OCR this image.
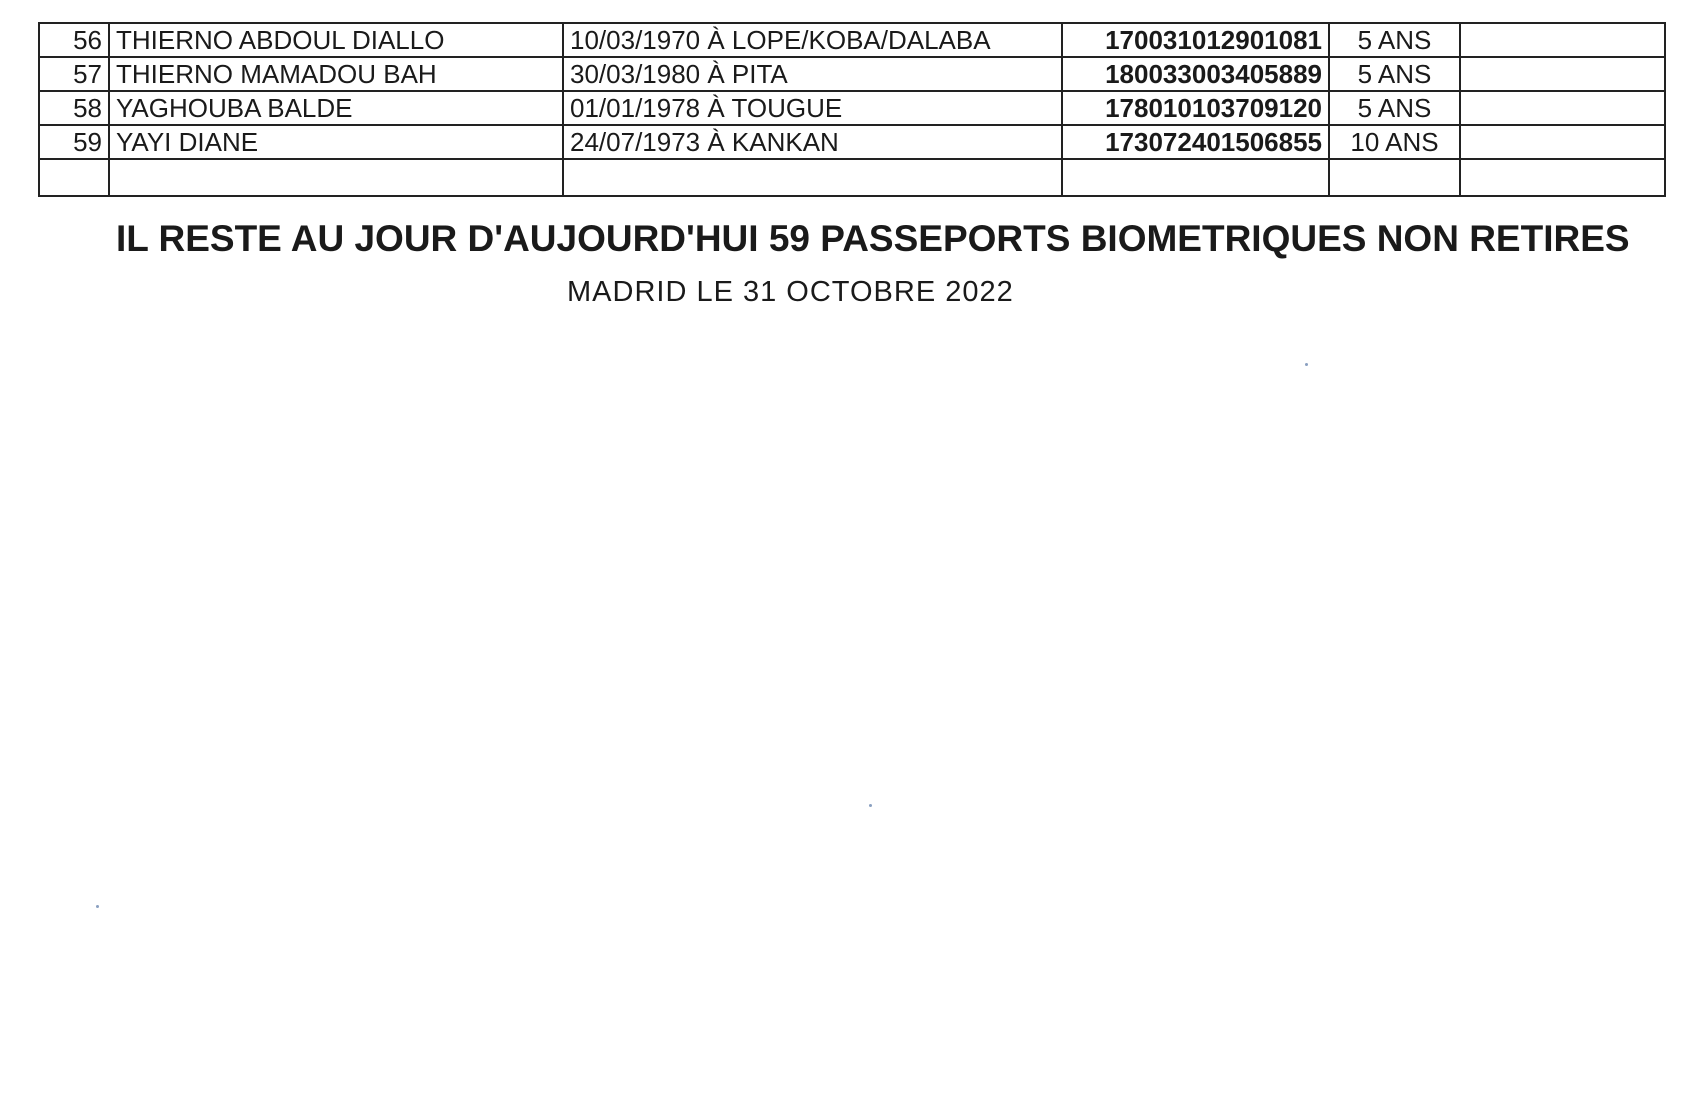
56	THIERNO ABDOUL DIALLO	10/03/1970 À LOPE/KOBA/DALABA	170031012901081	5 ANS	
57	THIERNO MAMADOU BAH	30/03/1980 À PITA	180033003405889	5 ANS	
58	YAGHOUBA BALDE	01/01/1978 À TOUGUE	178010103709120	5 ANS	
59	YAYI DIANE	24/07/1973 À KANKAN	173072401506855	10 ANS	

IL RESTE AU JOUR D'AUJOURD'HUI 59 PASSEPORTS BIOMETRIQUES NON RETIRES

MADRID LE 31 OCTOBRE 2022
